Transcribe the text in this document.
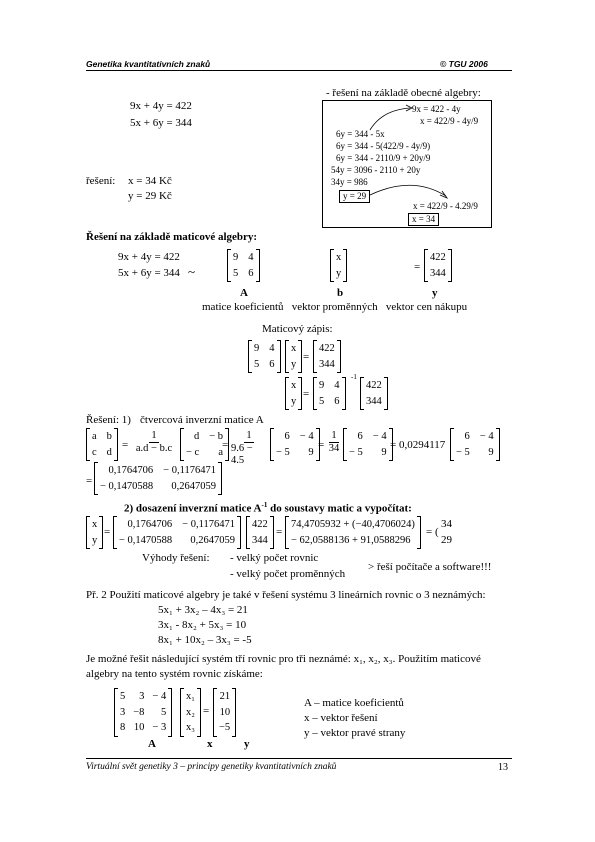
Genetika kvantitativních znaků	© TGU 2006
9x + 4y = 422
5x + 6y = 344
řešení: x = 34 Kč
y = 29 Kč
- řešení na základě obecné algebry:
9x = 422 - 4y
x = 422/9 - 4y/9
6y = 344 - 5x
6y = 344 - 5(422/9 - 4y/9)
6y = 344 - 2110/9 + 20y/9
54y = 3096 - 2110 + 20y
34y = 986
y = 29
x = 422/9 - 4.29/9
x = 34
Řešení na základě maticové algebry:
9x + 4y = 422
5x + 6y = 344 ~
9 4
5 6
x
y
=
422
344
A	b	y
matice koeficientů   vektor proměnných   vektor cen nákupu
Maticový zápis:
9 4
5 6
x
y
=
422
344
x
y
=
9 4
5 6
-1
422
344
Řešení: 1) čtvercová inverzní matice A
a b
c d
= $\frac{1}{a.d - b.c}$	d − b
− c	a
= $\frac{1}{9.6 - 4.5}$	6 − 4
− 5	9
= $\frac{1}{34}$	6 − 4
− 5	9
= 0,0294117
6 − 4
− 5	9
=
0,1764706 − 0,1176471
− 0,1470588	0,2647059
2) dosazení inverzní matice $A^{-1}$ do soustavy matic a vypočítat:
x
y
=
0,1764706 − 0,1176471
− 0,1470588	0,2647059
422
344
=
74,4705932 + (−40,4706024)
− 62,0588136 + 91,0588296
= (
34
29
Výhody řešení: - velký počet rovnic
- velký počet proměnných
> řeší počítače a software!!!
Př. 2 Použití maticové algebry je také v řešení systému 3 lineárních rovnic o 3 neznámých:
5x₁ + 3x₂ – 4x₃ = 21
3x₁ - 8x₂ + 5x₃ = 10
8x₁ + 10x₂ – 3x₃ = -5
Je možné řešit následující systém tří rovnic pro tři neznámé: x₁, x₂, x₃. Použitím maticové
algebry na tento systém rovnic získáme:
5	3 − 4
3 −8	5
8 10 − 3
x₁
x₂
x₃
=
21
10
−5
A	x	y
A – matice koeficientů
x – vektor řešení
y – vektor pravé strany
Virtuální svět genetiky 3 – principy genetiky kvantitativních znaků	13
